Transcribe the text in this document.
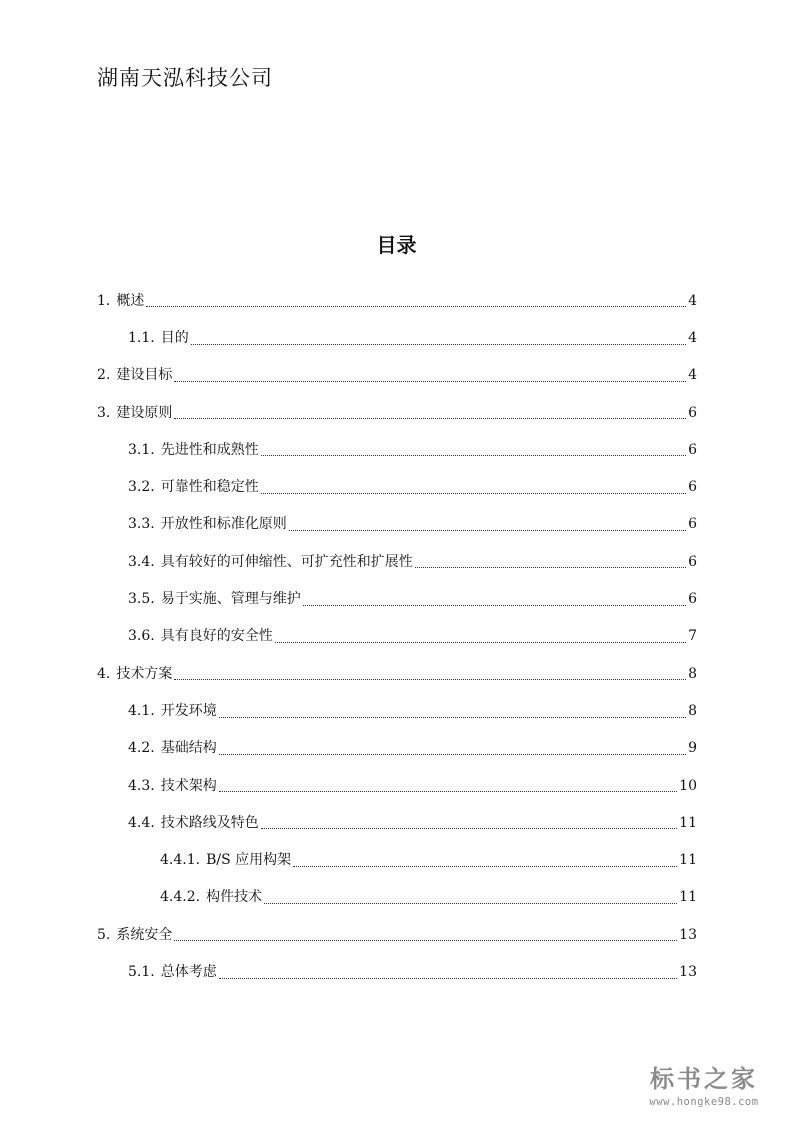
湖南天泓科技公司
目录
1. 概述	4
1.1. 目的	4
2. 建设目标	4
3. 建设原则	6
3.1. 先进性和成熟性	6
3.2. 可靠性和稳定性	6
3.3. 开放性和标准化原则	6
3.4. 具有较好的可伸缩性、可扩充性和扩展性	6
3.5. 易于实施、管理与维护	6
3.6. 具有良好的安全性	7
4. 技术方案	8
4.1. 开发环境	8
4.2. 基础结构	9
4.3. 技术架构	10
4.4. 技术路线及特色	11
4.4.1. B/S 应用构架	11
4.4.2. 构件技术	11
5. 系统安全	13
5.1. 总体考虑	13
标书之家
www.hongke98.com
